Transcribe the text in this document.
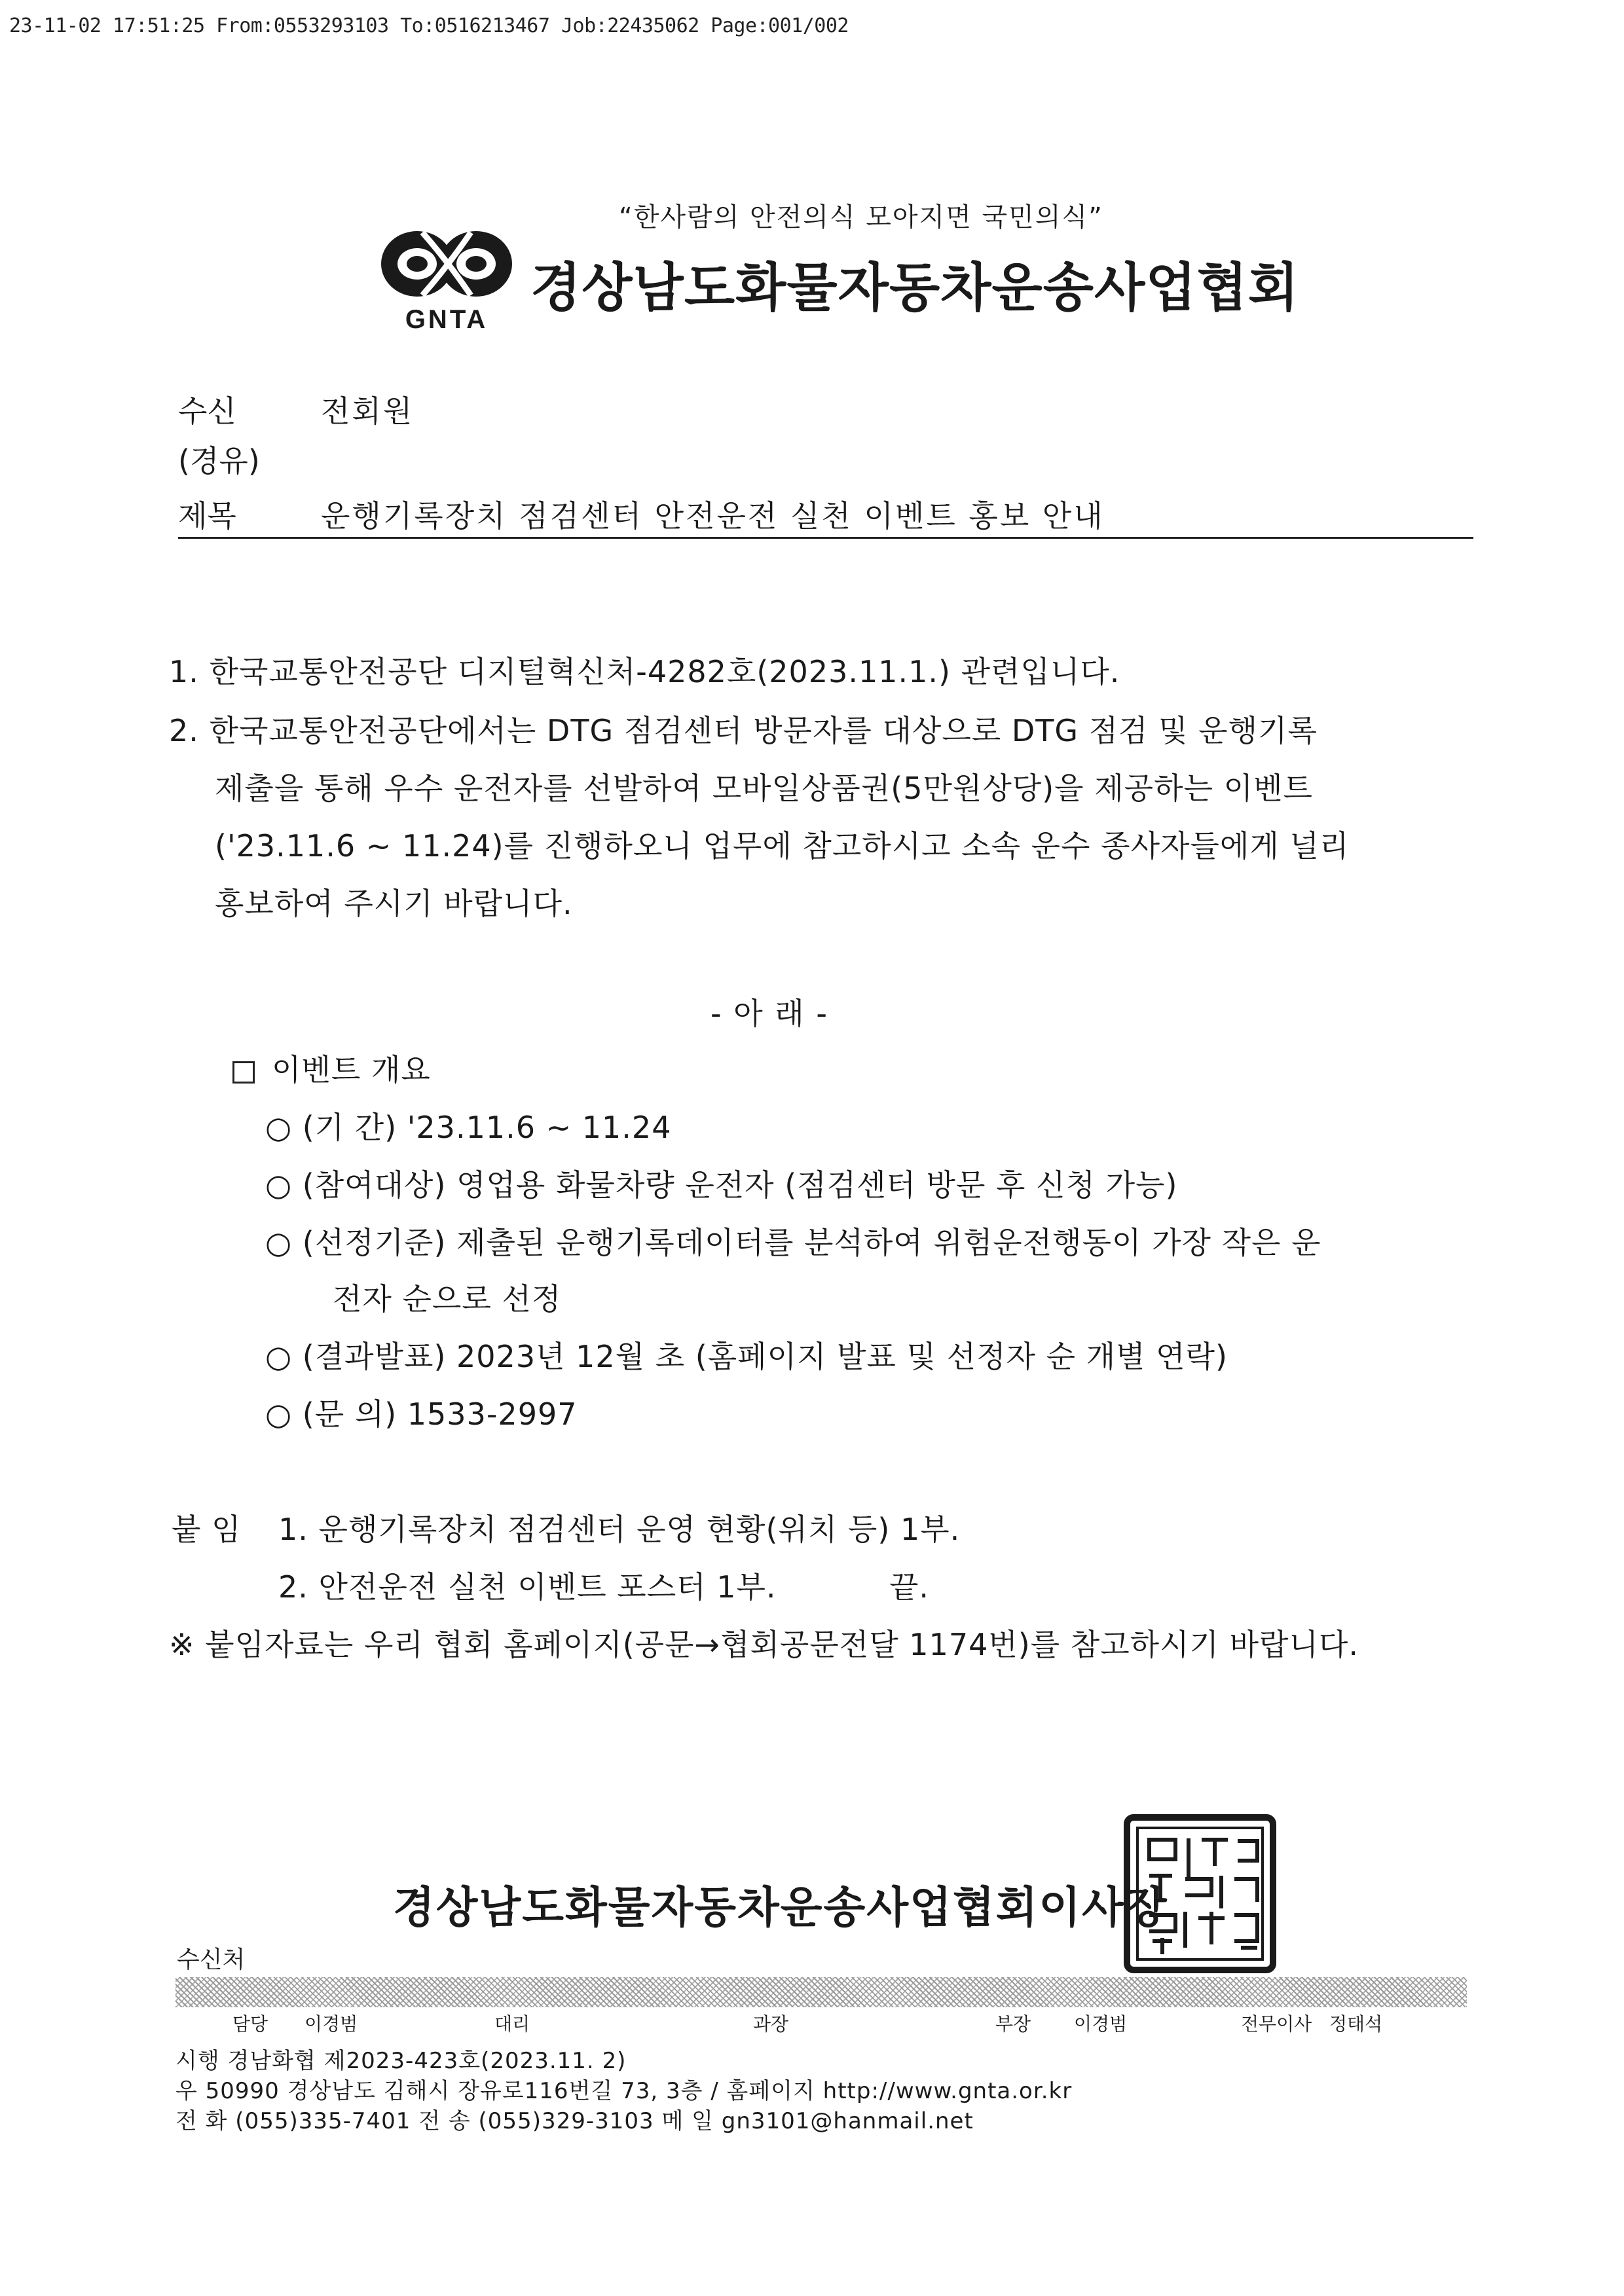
23-11-02 17:51:25 From:0553293103 To:0516213467 Job:22435062 Page:001/002
“한사람의 안전의식 모아지면 국민의식”
GNTA
경상남도화물자동차운송사업협회
수신	전회원
(경유)
제목	운행기록장치 점검센터 안전운전 실천 이벤트 홍보 안내
1. 한국교통안전공단 디지털혁신처-4282호(2023.11.1.) 관련입니다.
2. 한국교통안전공단에서는 DTG 점검센터 방문자를 대상으로 DTG 점검 및 운행기록
제출을 통해 우수 운전자를 선발하여 모바일상품권(5만원상당)을 제공하는 이벤트
('23.11.6 ~ 11.24)를 진행하오니 업무에 참고하시고 소속 운수 종사자들에게 널리
홍보하여 주시기 바랍니다.
- 아 래 -
이벤트 개요
○ (기 간) '23.11.6 ~ 11.24
○ (참여대상) 영업용 화물차량 운전자 (점검센터 방문 후 신청 가능)
○ (선정기준) 제출된 운행기록데이터를 분석하여 위험운전행동이 가장 작은 운
전자 순으로 선정
○ (결과발표) 2023년 12월 초 (홈페이지 발표 및 선정자 순 개별 연락)
○ (문 의) 1533-2997
붙 임 1. 운행기록장치 점검센터 운영 현황(위치 등) 1부.
2. 안전운전 실천 이벤트 포스터 1부.	끝.
※ 붙임자료는 우리 협회 홈페이지(공문→협회공문전달 1174번)를 참고하시기 바랍니다.
경상남도화물자동차운송사업협회이사장
수신처
담당 이경범	대리	과장	부장 이경범	전무이사 정태석
시행 경남화협 제2023-423호(2023.11. 2)
우 50990 경상남도 김해시 장유로116번길 73, 3층 / 홈페이지 http://www.gnta.or.kr
전 화 (055)335-7401 전 송 (055)329-3103 메 일 gn3101@hanmail.net
